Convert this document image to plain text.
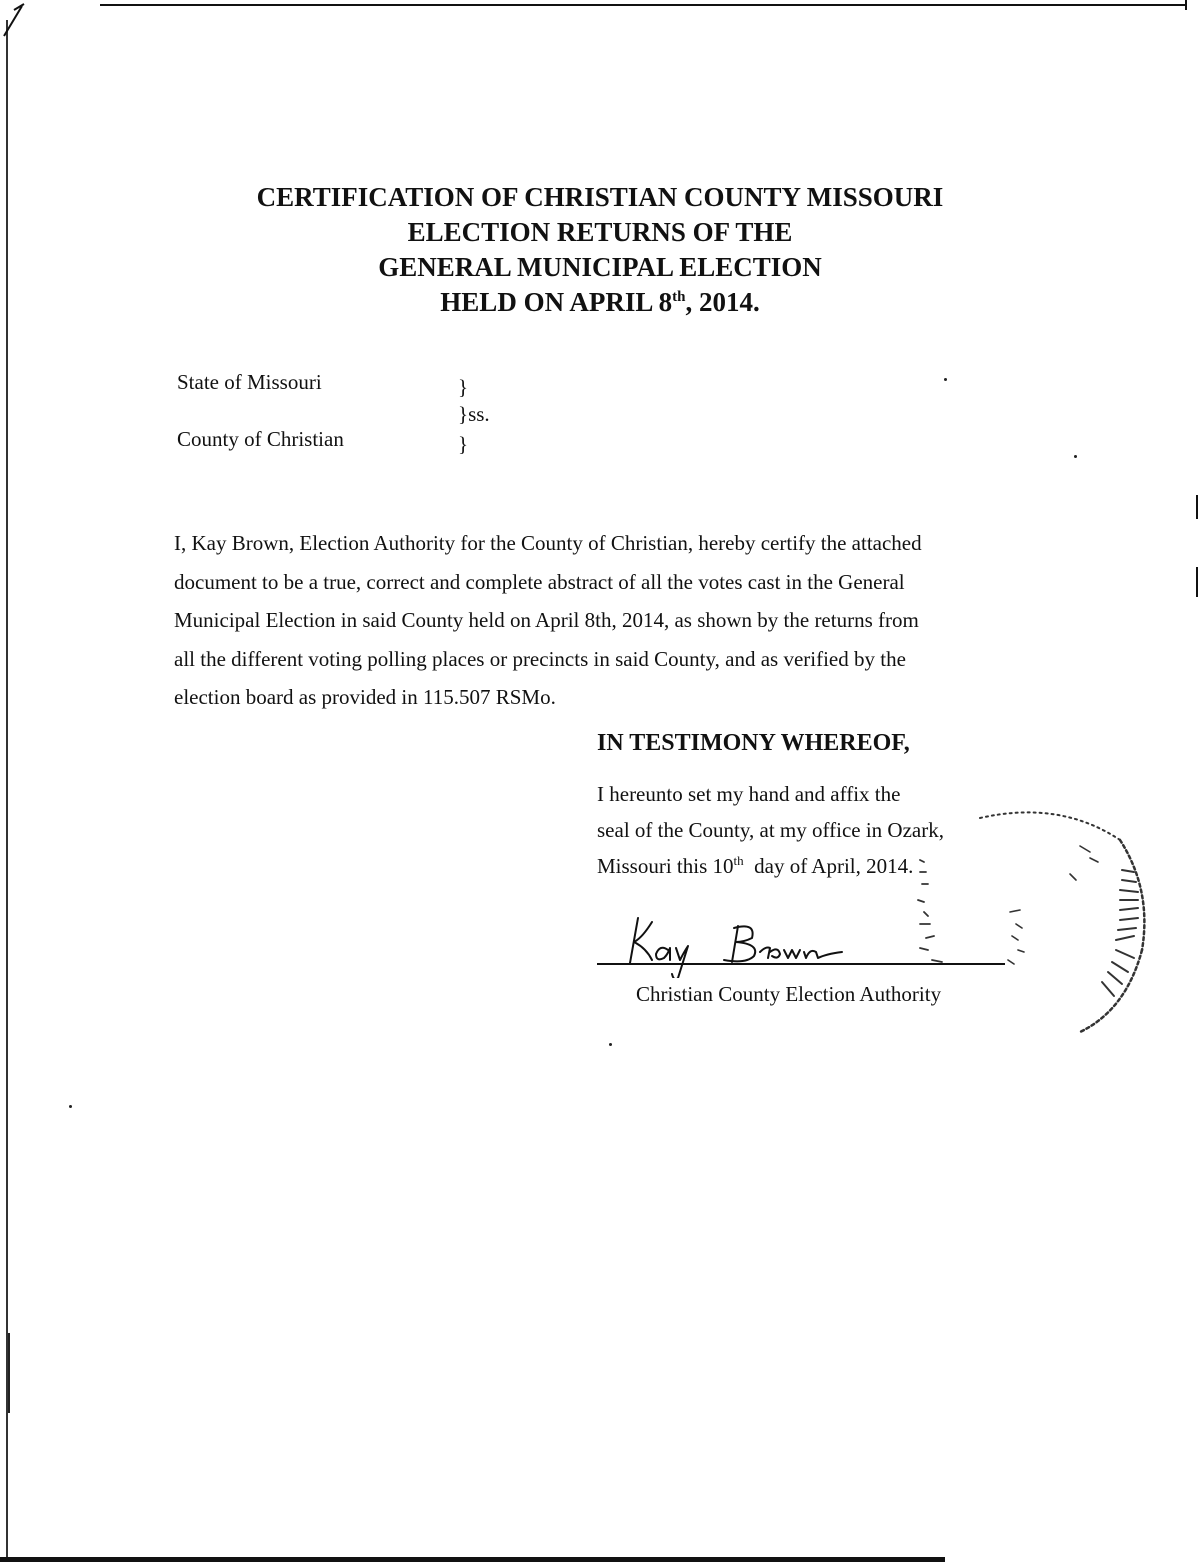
CERTIFICATION OF CHRISTIAN COUNTY MISSOURI
ELECTION RETURNS OF THE
GENERAL MUNICIPAL ELECTION
HELD ON APRIL 8th, 2014.
State of Missouri	}
}ss.
County of Christian	}
I, Kay Brown, Election Authority for the County of Christian, hereby certify the attached
document to be a true, correct and complete abstract of all the votes cast in the General
Municipal Election in said County held on April 8th, 2014, as shown by the returns from
all the different voting polling places or precincts in said County, and as verified by the
election board as provided in 115.507 RSMo.
IN TESTIMONY WHEREOF,
I hereunto set my hand and affix the
seal of the County, at my office in Ozark,
Missouri this 10th  day of April, 2014.
Christian County Election Authority
